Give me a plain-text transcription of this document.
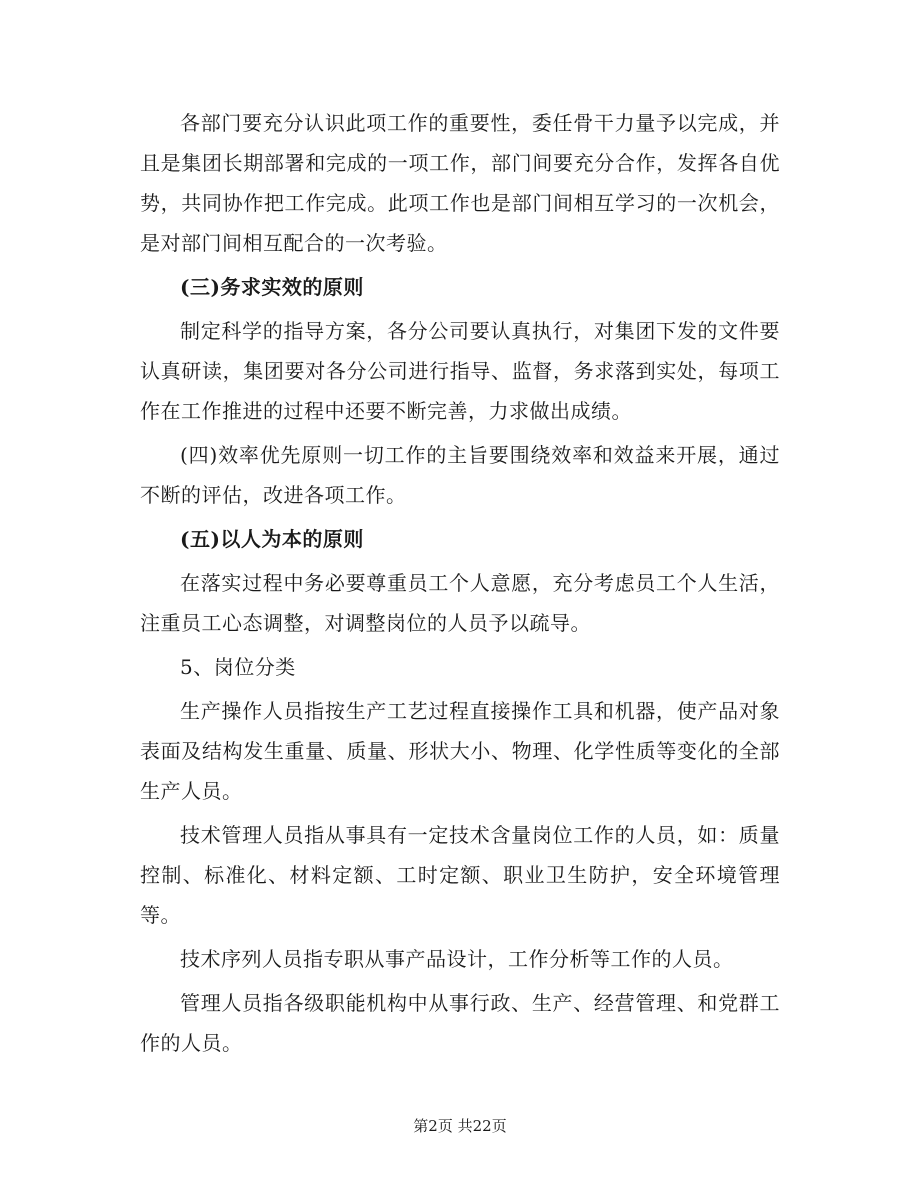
各部门要充分认识此项工作的重要性，委任骨干力量予以完成，并且是集团长期部署和完成的一项工作，部门间要充分合作，发挥各自优势，共同协作把工作完成。此项工作也是部门间相互学习的一次机会，是对部门间相互配合的一次考验。

(三)务求实效的原则

制定科学的指导方案，各分公司要认真执行，对集团下发的文件要认真研读，集团要对各分公司进行指导、监督，务求落到实处，每项工作在工作推进的过程中还要不断完善，力求做出成绩。

(四)效率优先原则一切工作的主旨要围绕效率和效益来开展，通过不断的评估，改进各项工作。

(五)以人为本的原则

在落实过程中务必要尊重员工个人意愿，充分考虑员工个人生活，注重员工心态调整，对调整岗位的人员予以疏导。

5、岗位分类

生产操作人员指按生产工艺过程直接操作工具和机器，使产品对象表面及结构发生重量、质量、形状大小、物理、化学性质等变化的全部生产人员。

技术管理人员指从事具有一定技术含量岗位工作的人员，如：质量控制、标准化、材料定额、工时定额、职业卫生防护，安全环境管理等。

技术序列人员指专职从事产品设计，工作分析等工作的人员。

管理人员指各级职能机构中从事行政、生产、经营管理、和党群工作的人员。

第2页 共22页
